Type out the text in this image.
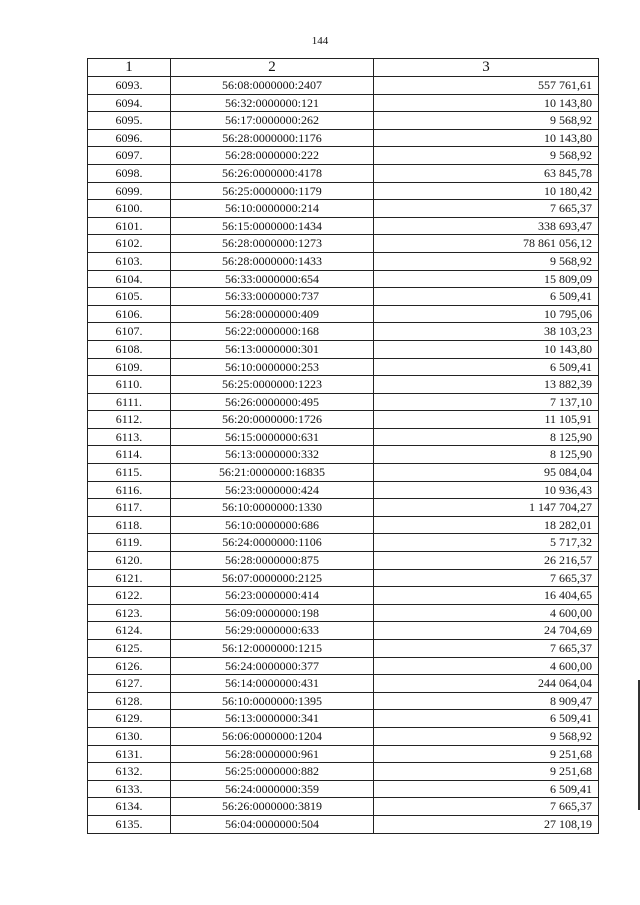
144
1	2	3
6093.	56:08:0000000:2407	557 761,61
6094.	56:32:0000000:121	10 143,80
6095.	56:17:0000000:262	9 568,92
6096.	56:28:0000000:1176	10 143,80
6097.	56:28:0000000:222	9 568,92
6098.	56:26:0000000:4178	63 845,78
6099.	56:25:0000000:1179	10 180,42
6100.	56:10:0000000:214	7 665,37
6101.	56:15:0000000:1434	338 693,47
6102.	56:28:0000000:1273	78 861 056,12
6103.	56:28:0000000:1433	9 568,92
6104.	56:33:0000000:654	15 809,09
6105.	56:33:0000000:737	6 509,41
6106.	56:28:0000000:409	10 795,06
6107.	56:22:0000000:168	38 103,23
6108.	56:13:0000000:301	10 143,80
6109.	56:10:0000000:253	6 509,41
6110.	56:25:0000000:1223	13 882,39
6111.	56:26:0000000:495	7 137,10
6112.	56:20:0000000:1726	11 105,91
6113.	56:15:0000000:631	8 125,90
6114.	56:13:0000000:332	8 125,90
6115.	56:21:0000000:16835	95 084,04
6116.	56:23:0000000:424	10 936,43
6117.	56:10:0000000:1330	1 147 704,27
6118.	56:10:0000000:686	18 282,01
6119.	56:24:0000000:1106	5 717,32
6120.	56:28:0000000:875	26 216,57
6121.	56:07:0000000:2125	7 665,37
6122.	56:23:0000000:414	16 404,65
6123.	56:09:0000000:198	4 600,00
6124.	56:29:0000000:633	24 704,69
6125.	56:12:0000000:1215	7 665,37
6126.	56:24:0000000:377	4 600,00
6127.	56:14:0000000:431	244 064,04
6128.	56:10:0000000:1395	8 909,47
6129.	56:13:0000000:341	6 509,41
6130.	56:06:0000000:1204	9 568,92
6131.	56:28:0000000:961	9 251,68
6132.	56:25:0000000:882	9 251,68
6133.	56:24:0000000:359	6 509,41
6134.	56:26:0000000:3819	7 665,37
6135.	56:04:0000000:504	27 108,19
